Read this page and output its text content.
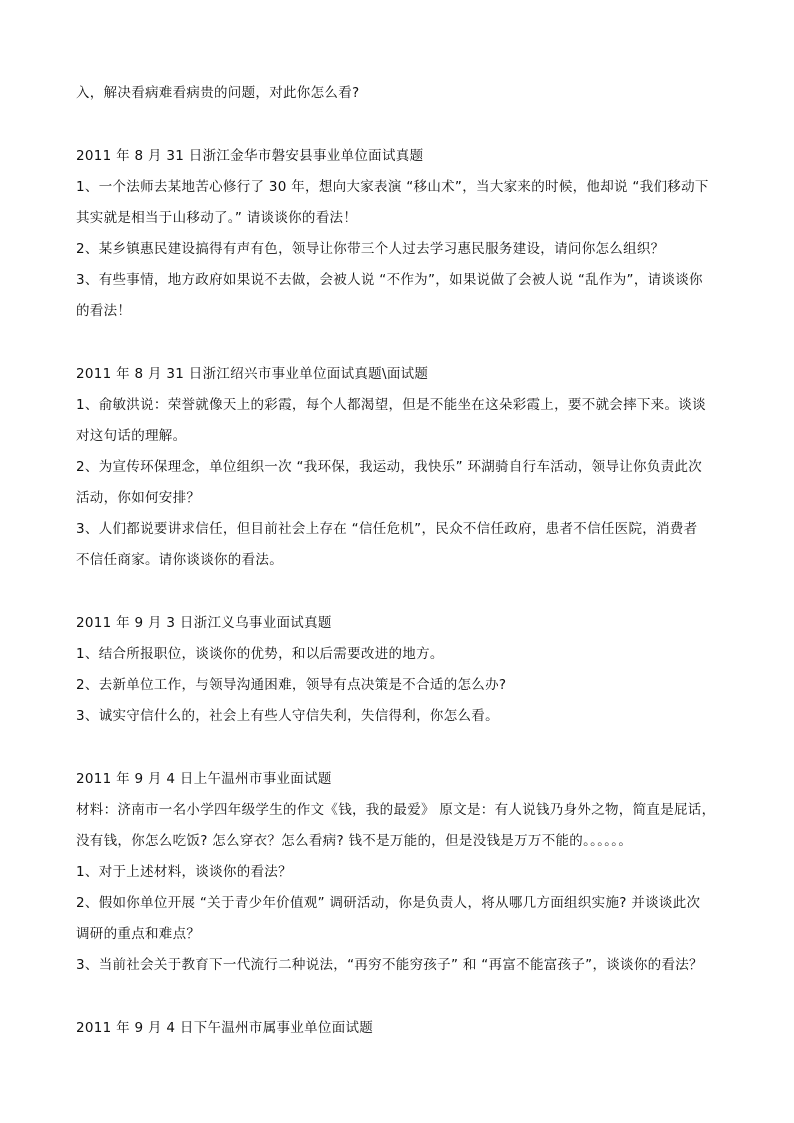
入，解决看病难看病贵的问题，对此你怎么看?
2011 年 8 月 31 日浙江金华市磐安县事业单位面试真题
1、一个法师去某地苦心修行了 30 年，想向大家表演 “移山术”，当大家来的时候，他却说 “我们移动下
其实就是相当于山移动了。” 请谈谈你的看法！
2、某乡镇惠民建设搞得有声有色，领导让你带三个人过去学习惠民服务建设，请问你怎么组织？
3、有些事情，地方政府如果说不去做，会被人说 “不作为”，如果说做了会被人说 “乱作为”，请谈谈你
的看法！
2011 年 8 月 31 日浙江绍兴市事业单位面试真题\面试题
1、俞敏洪说：荣誉就像天上的彩霞，每个人都渴望，但是不能坐在这朵彩霞上，要不就会摔下来。谈谈
对这句话的理解。
2、为宣传环保理念，单位组织一次 “我环保，我运动，我快乐” 环湖骑自行车活动，领导让你负责此次
活动，你如何安排？
3、人们都说要讲求信任，但目前社会上存在 “信任危机”，民众不信任政府，患者不信任医院，消费者
不信任商家。请你谈谈你的看法。
2011 年 9 月 3 日浙江义乌事业面试真题
1、结合所报职位，谈谈你的优势，和以后需要改进的地方。
2、去新单位工作，与领导沟通困难，领导有点决策是不合适的怎么办?
3、诚实守信什么的，社会上有些人守信失利，失信得利，你怎么看。
2011 年 9 月 4 日上午温州市事业面试题
材料：济南市一名小学四年级学生的作文《钱，我的最爱》 原文是：有人说钱乃身外之物，简直是屁话，
没有钱，你怎么吃饭? 怎么穿衣？怎么看病? 钱不是万能的，但是没钱是万万不能的。。。。。。
1、对于上述材料，谈谈你的看法？
2、假如你单位开展 “关于青少年价值观” 调研活动，你是负责人，将从哪几方面组织实施? 并谈谈此次
调研的重点和难点？
3、当前社会关于教育下一代流行二种说法，“再穷不能穷孩子” 和 “再富不能富孩子”，谈谈你的看法？
2011 年 9 月 4 日下午温州市属事业单位面试题
